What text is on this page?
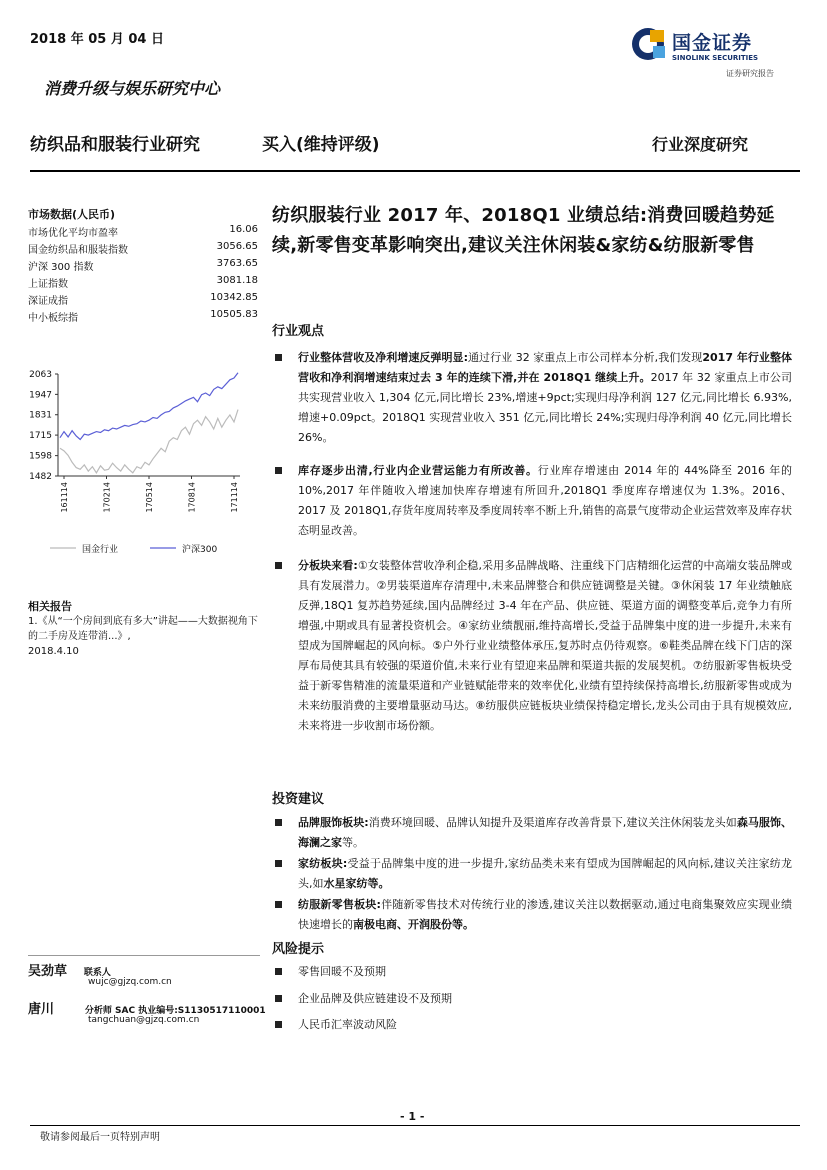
2018 年 05 月 04 日	国金证券
SINOLINK SECURITIES
证券研究报告
消费升级与娱乐研究中心
纺织品和服装行业研究	买入(维持评级)	行业深度研究
市场数据(人民币)
市场优化平均市盈率	16.06
国金纺织品和服装指数	3056.65
沪深 300 指数	3763.65
上证指数	3081.18
深证成指	10342.85
中小板综指	10505.83
2063
1947
1831
1715
1598
1482
161114	170214	170514	170814	171114
国金行业	沪深300
相关报告
1.《从“一个房间到底有多大”讲起——大数据视角下的二手房及连带消...》,
2018.4.10
吴劲草 联系人
wujc@gjzq.com.cn
唐川	分析师 SAC 执业编号:S1130517110001
tangchuan@gjzq.com.cn
纺织服装行业 2017 年、2018Q1 业绩总结:消费回暖趋势延续,新零售变革影响突出,建议关注休闲装&家纺&纺服新零售
行业观点
行业整体营收及净利增速反弹明显:通过行业 32 家重点上市公司样本分析,我们发现2017 年行业整体营收和净利润增速结束过去 3 年的连续下滑,并在 2018Q1 继续上升。2017 年 32 家重点上市公司共实现营业收入 1,304 亿元,同比增长 23%,增速+9pct;实现归母净利润 127 亿元,同比增长 6.93%,增速+0.09pct。2018Q1 实现营业收入 351 亿元,同比增长 24%;实现归母净利润 40 亿元,同比增长 26%。
库存逐步出清,行业内企业营运能力有所改善。行业库存增速由 2014 年的 44%降至 2016 年的 10%,2017 年伴随收入增速加快库存增速有所回升,2018Q1 季度库存增速仅为 1.3%。2016、2017 及 2018Q1,存货年度周转率及季度周转率不断上升,销售的高景气度带动企业运营效率及库存状态明显改善。
分板块来看:①女装整体营收净利企稳,采用多品牌战略、注重线下门店精细化运营的中高端女装品牌或具有发展潜力。②男装渠道库存清理中,未来品牌整合和供应链调整是关键。③休闲装 17 年业绩触底反弹,18Q1 复苏趋势延续,国内品牌经过 3-4 年在产品、供应链、渠道方面的调整变革后,竞争力有所增强,中期或具有显著投资机会。④家纺业绩靓丽,维持高增长,受益于品牌集中度的进一步提升,未来有望成为国牌崛起的风向标。⑤户外行业业绩整体承压,复苏时点仍待观察。⑥鞋类品牌在线下门店的深厚布局使其具有较强的渠道价值,未来行业有望迎来品牌和渠道共振的发展契机。⑦纺服新零售板块受益于新零售精准的流量渠道和产业链赋能带来的效率优化,业绩有望持续保持高增长,纺服新零售或成为未来纺服消费的主要增量驱动马达。⑧纺服供应链板块业绩保持稳定增长,龙头公司由于具有规模效应,未来将进一步收割市场份额。
投资建议
品牌服饰板块:消费环境回暖、品牌认知提升及渠道库存改善背景下,建议关注休闲装龙头如森马服饰、海澜之家等。
家纺板块:受益于品牌集中度的进一步提升,家纺品类未来有望成为国牌崛起的风向标,建议关注家纺龙头,如水星家纺等。
纺服新零售板块:伴随新零售技术对传统行业的渗透,建议关注以数据驱动,通过电商集聚效应实现业绩快速增长的南极电商、开润股份等。
风险提示
零售回暖不及预期
企业品牌及供应链建设不及预期
人民币汇率波动风险
- 1 -
敬请参阅最后一页特别声明
